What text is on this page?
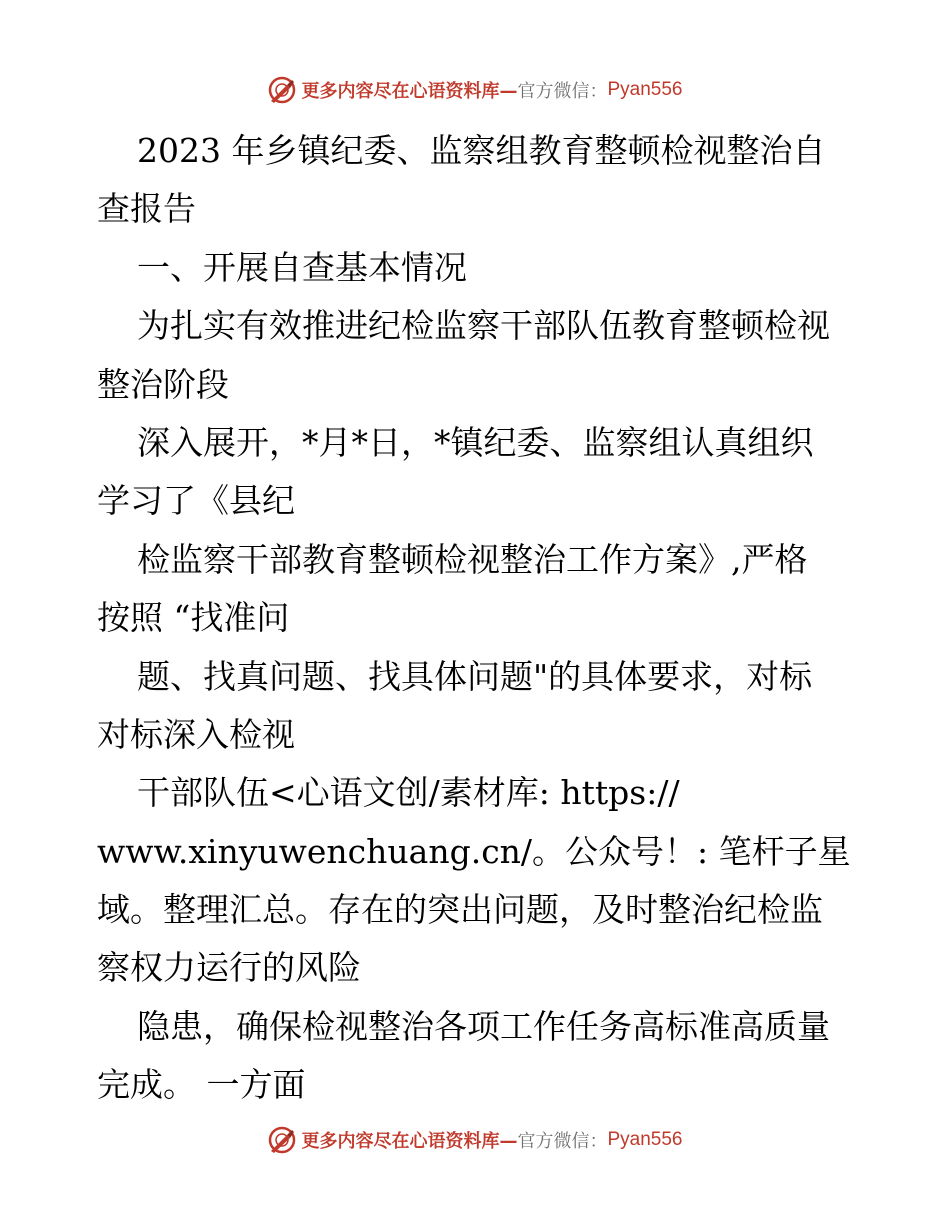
更多内容尽在心语资料库— 官方微信： Pyan556
2023 年乡镇纪委、监察组教育整顿检视整治自
查报告
一、开展自查基本情况
为扎实有效推进纪检监察干部队伍教育整顿检视
整治阶段
深入展开，*月*日，*镇纪委、监察组认真组织
学习了《县纪
检监察干部教育整顿检视整治工作方案》,严格
按照 “找准问
题、找真问题、找具体问题"的具体要求，对标
对标深入检视
干部队伍<心语文创/素材库: https://
www.xinyuwenchuang.cn/。公众号！: 笔杆子星
域。整理汇总。存在的突出问题，及时整治纪检监
察权力运行的风险
隐患，确保检视整治各项工作任务高标准高质量
完成。 一方面
更多内容尽在心语资料库— 官方微信： Pyan556
